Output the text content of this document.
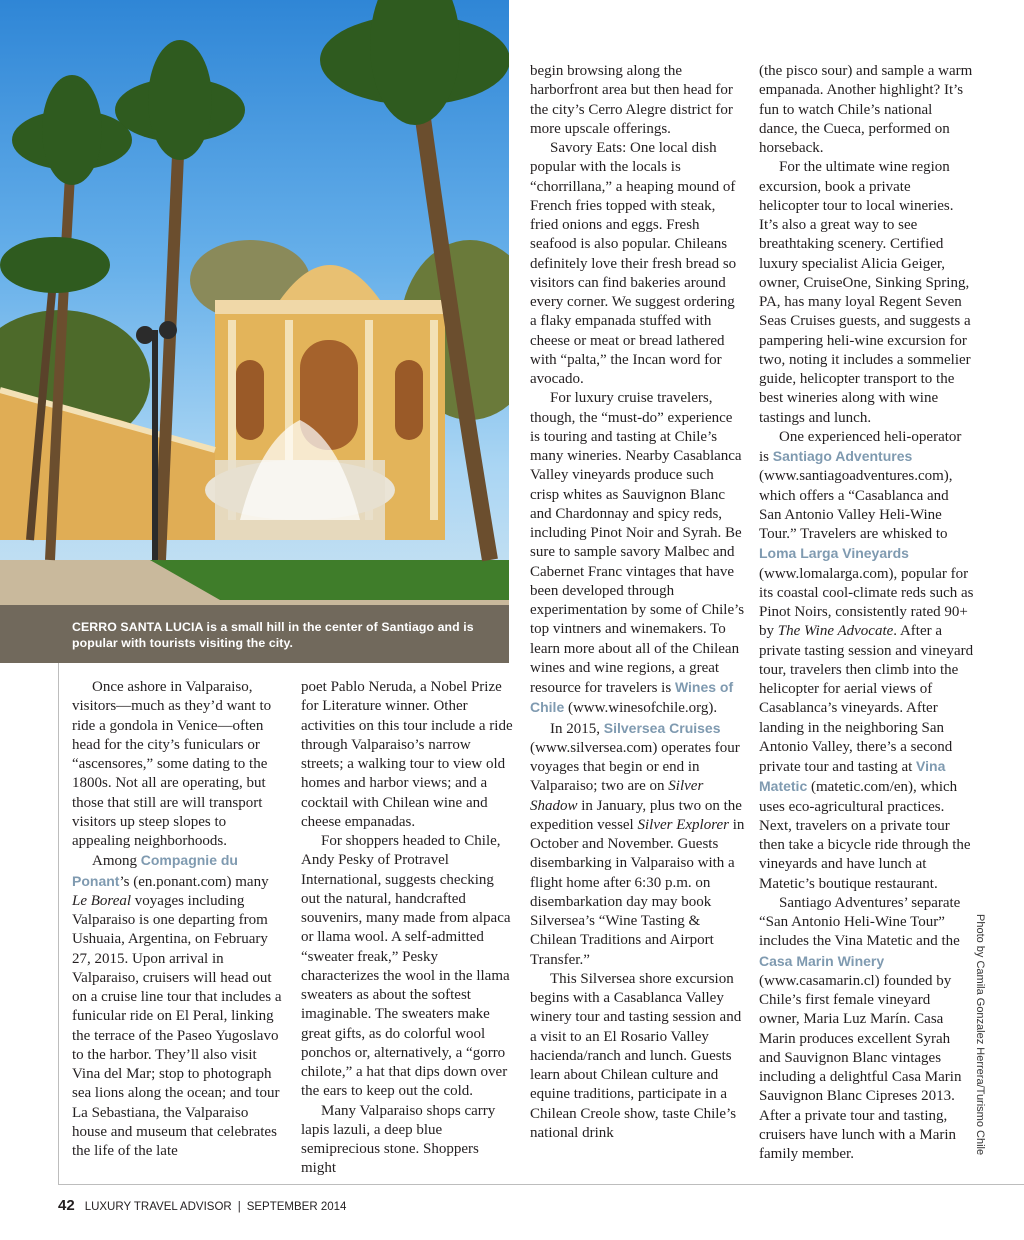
CERRO SANTA LUCIA is a small hill in the center of Santiago and is popular with tourists visiting the city.

Once ashore in Valparaiso, visitors—much as they’d want to ride a gondola in Venice—often head for the city’s funiculars or “ascensores,” some dating to the 1800s. Not all are operating, but those that still are will transport visitors up steep slopes to appealing neighborhoods.

Among Compagnie du Ponant’s (en.ponant.com) many Le Boreal voyages including Valparaiso is one departing from Ushuaia, Argentina, on February 27, 2015. Upon arrival in Valparaiso, cruisers will head out on a cruise line tour that includes a funicular ride on El Peral, linking the terrace of the Paseo Yugoslavo to the harbor. They’ll also visit Vina del Mar; stop to photograph sea lions along the ocean; and tour La Sebastiana, the Valparaiso house and museum that celebrates the life of the late

poet Pablo Neruda, a Nobel Prize for Literature winner. Other activities on this tour include a ride through Valparaiso’s narrow streets; a walking tour to view old homes and harbor views; and a cocktail with Chilean wine and cheese empanadas.

For shoppers headed to Chile, Andy Pesky of Protravel International, suggests checking out the natural, handcrafted souvenirs, many made from alpaca or llama wool. A self-admitted “sweater freak,” Pesky characterizes the wool in the llama sweaters as about the softest imaginable. The sweaters make great gifts, as do colorful wool ponchos or, alternatively, a “gorro chilote,” a hat that dips down over the ears to keep out the cold.

Many Valparaiso shops carry lapis lazuli, a deep blue semiprecious stone. Shoppers might

begin browsing along the harborfront area but then head for the city’s Cerro Alegre district for more upscale offerings.

Savory Eats: One local dish popular with the locals is “chorrillana,” a heaping mound of French fries topped with steak, fried onions and eggs. Fresh seafood is also popular. Chileans definitely love their fresh bread so visitors can find bakeries around every corner. We suggest ordering a flaky empanada stuffed with cheese or meat or bread lathered with “palta,” the Incan word for avocado.

For luxury cruise travelers, though, the “must-do” experience is touring and tasting at Chile’s many wineries. Nearby Casablanca Valley vineyards produce such crisp whites as Sauvignon Blanc and Chardonnay and spicy reds, including Pinot Noir and Syrah. Be sure to sample savory Malbec and Cabernet Franc vintages that have been developed through experimentation by some of Chile’s top vintners and winemakers. To learn more about all of the Chilean wines and wine regions, a great resource for travelers is Wines of Chile (www.winesofchile.org).

In 2015, Silversea Cruises (www.silversea.com) operates four voyages that begin or end in Valparaiso; two are on Silver Shadow in January, plus two on the expedition vessel Silver Explorer in October and November. Guests disembarking in Valparaiso with a flight home after 6:30 p.m. on disembarkation day may book Silversea’s “Wine Tasting & Chilean Traditions and Airport Transfer.”

This Silversea shore excursion begins with a Casablanca Valley winery tour and tasting session and a visit to an El Rosario Valley hacienda/ranch and lunch. Guests learn about Chilean culture and equine traditions, participate in a Chilean Creole show, taste Chile’s national drink

(the pisco sour) and sample a warm empanada. Another highlight? It’s fun to watch Chile’s national dance, the Cueca, performed on horseback.

For the ultimate wine region excursion, book a private helicopter tour to local wineries. It’s also a great way to see breathtaking scenery. Certified luxury specialist Alicia Geiger, owner, CruiseOne, Sinking Spring, PA, has many loyal Regent Seven Seas Cruises guests, and suggests a pampering heli-wine excursion for two, noting it includes a sommelier guide, helicopter transport to the best wineries along with wine tastings and lunch.

One experienced heli-operator is Santiago Adventures (www.santiagoadventures.com), which offers a “Casablanca and San Antonio Valley Heli-Wine Tour.” Travelers are whisked to Loma Larga Vineyards (www.lomalarga.com), popular for its coastal cool-climate reds such as Pinot Noirs, consistently rated 90+ by The Wine Advocate. After a private tasting session and vineyard tour, travelers then climb into the helicopter for aerial views of Casablanca’s vineyards. After landing in the neighboring San Antonio Valley, there’s a second private tour and tasting at Vina Matetic (matetic.com/en), which uses eco-agricultural practices. Next, travelers on a private tour then take a bicycle ride through the vineyards and have lunch at Matetic’s boutique restaurant.

Santiago Adventures’ separate “San Antonio Heli-Wine Tour” includes the Vina Matetic and the Casa Marin Winery (www.casamarin.cl) founded by Chile’s first female vineyard owner, Maria Luz Marín. Casa Marin produces excellent Syrah and Sauvignon Blanc vintages including a delightful Casa Marin Sauvignon Blanc Cipreses 2013. After a private tour and tasting, cruisers have lunch with a Marin family member.	Photo by Camila Gonzalez Herrera/Turismo Chile
42 LUXURY TRAVEL ADVISOR | SEPTEMBER 2014
